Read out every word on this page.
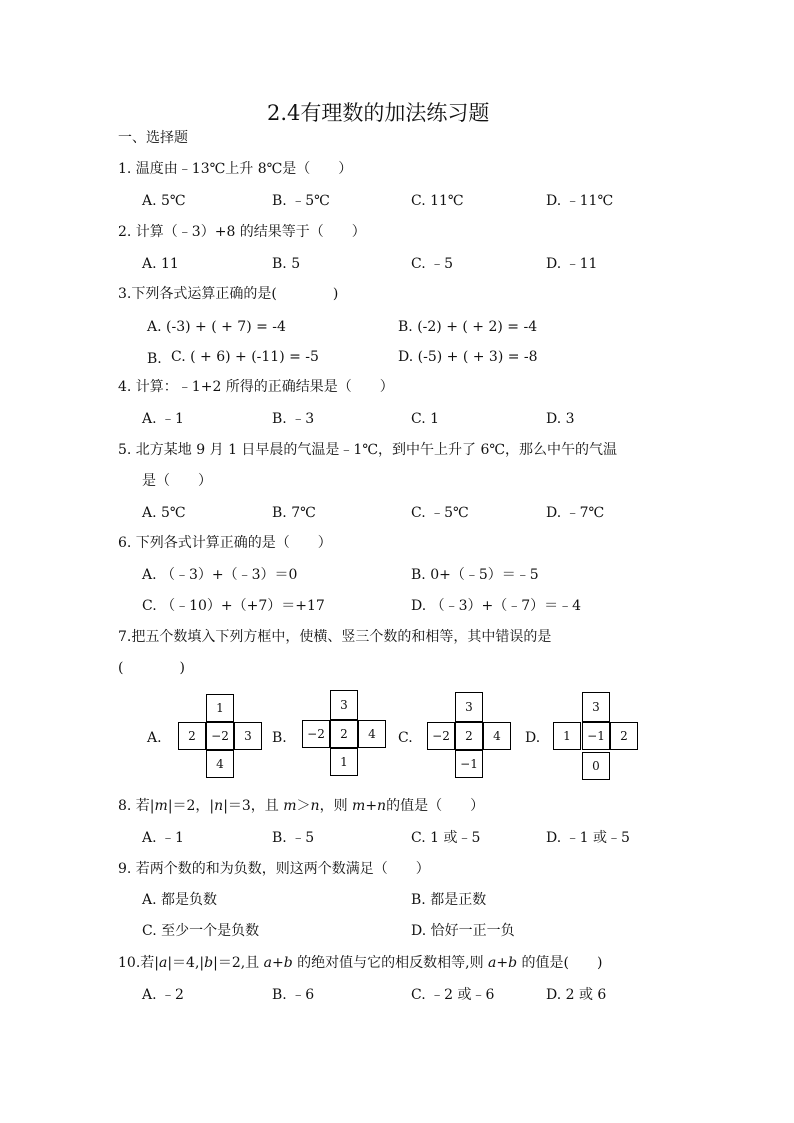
2.4有理数的加法练习题
一、选择题
1. 温度由﹣13℃上升 8℃是（　　）
A. 5℃	B. ﹣5℃	C. 11℃	D. ﹣11℃
2. 计算（﹣3）+8 的结果等于（　　）
A. 11	B. 5	C. ﹣5	D. ﹣11
3.下列各式运算正确的是(　　　　)
A. (-3) + ( + 7) = -4	B. (-2) + ( + 2) = -4
B. C. ( + 6) + (-11) = -5	D. (-5) + ( + 3) = -8
4. 计算：﹣1+2 所得的正确结果是（　　）
A. ﹣1	B. ﹣3	C. 1	D. 3
5. 北方某地 9 月 1 日早晨的气温是﹣1℃，到中午上升了 6℃，那么中午的气温
是（　　）
A. 5℃	B. 7℃	C. ﹣5℃	D. ﹣7℃
6. 下列各式计算正确的是（　　）
A. （﹣3）+（﹣3）＝0	B. 0+（﹣5）＝﹣5
C. （﹣10）+（+7）＝+17	D. （﹣3）+（﹣7）＝﹣4
7.把五个数填入下列方框中，使横、竖三个数的和相等，其中错误的是
(　　　　)
A.
1
2	−2	3
4
B.
3
−2	2	4
1
C.
3
−2	2	4
−1
D.
3
1	−1	2
0
8. 若|m|＝2，|n|＝3，且 m＞n，则 m+n的值是（　　）
A. ﹣1	B. ﹣5	C. 1 或﹣5	D. ﹣1 或﹣5
9. 若两个数的和为负数，则这两个数满足（　　）
A. 都是负数	B. 都是正数
C. 至少一个是负数	D. 恰好一正一负
10.若|a|＝4,|b|＝2,且 a+b 的绝对值与它的相反数相等,则 a+b 的值是(　　)
A. ﹣2	B. ﹣6	C. ﹣2 或﹣6	D. 2 或 6
